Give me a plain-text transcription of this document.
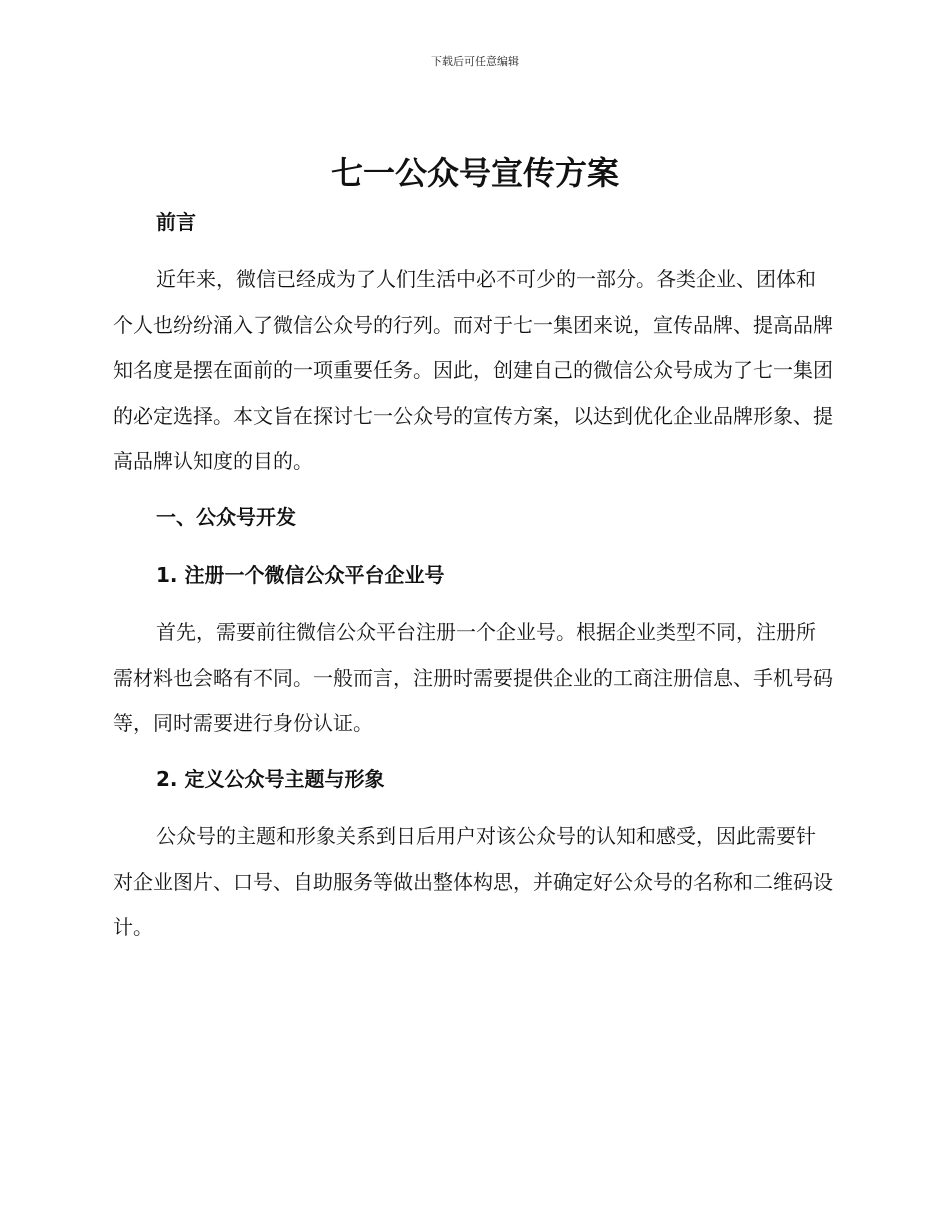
下载后可任意编辑
七一公众号宣传方案
前言

近年来，微信已经成为了人们生活中必不可少的一部分。各类企业、团体和个人也纷纷涌入了微信公众号的行列。而对于七一集团来说，宣传品牌、提高品牌知名度是摆在面前的一项重要任务。因此，创建自己的微信公众号成为了七一集团的必定选择。本文旨在探讨七一公众号的宣传方案，以达到优化企业品牌形象、提高品牌认知度的目的。

一、公众号开发
1. 注册一个微信公众平台企业号

首先，需要前往微信公众平台注册一个企业号。根据企业类型不同，注册所需材料也会略有不同。一般而言，注册时需要提供企业的工商注册信息、手机号码等，同时需要进行身份认证。

2. 定义公众号主题与形象

公众号的主题和形象关系到日后用户对该公众号的认知和感受，因此需要针对企业图片、口号、自助服务等做出整体构思，并确定好公众号的名称和二维码设计。
